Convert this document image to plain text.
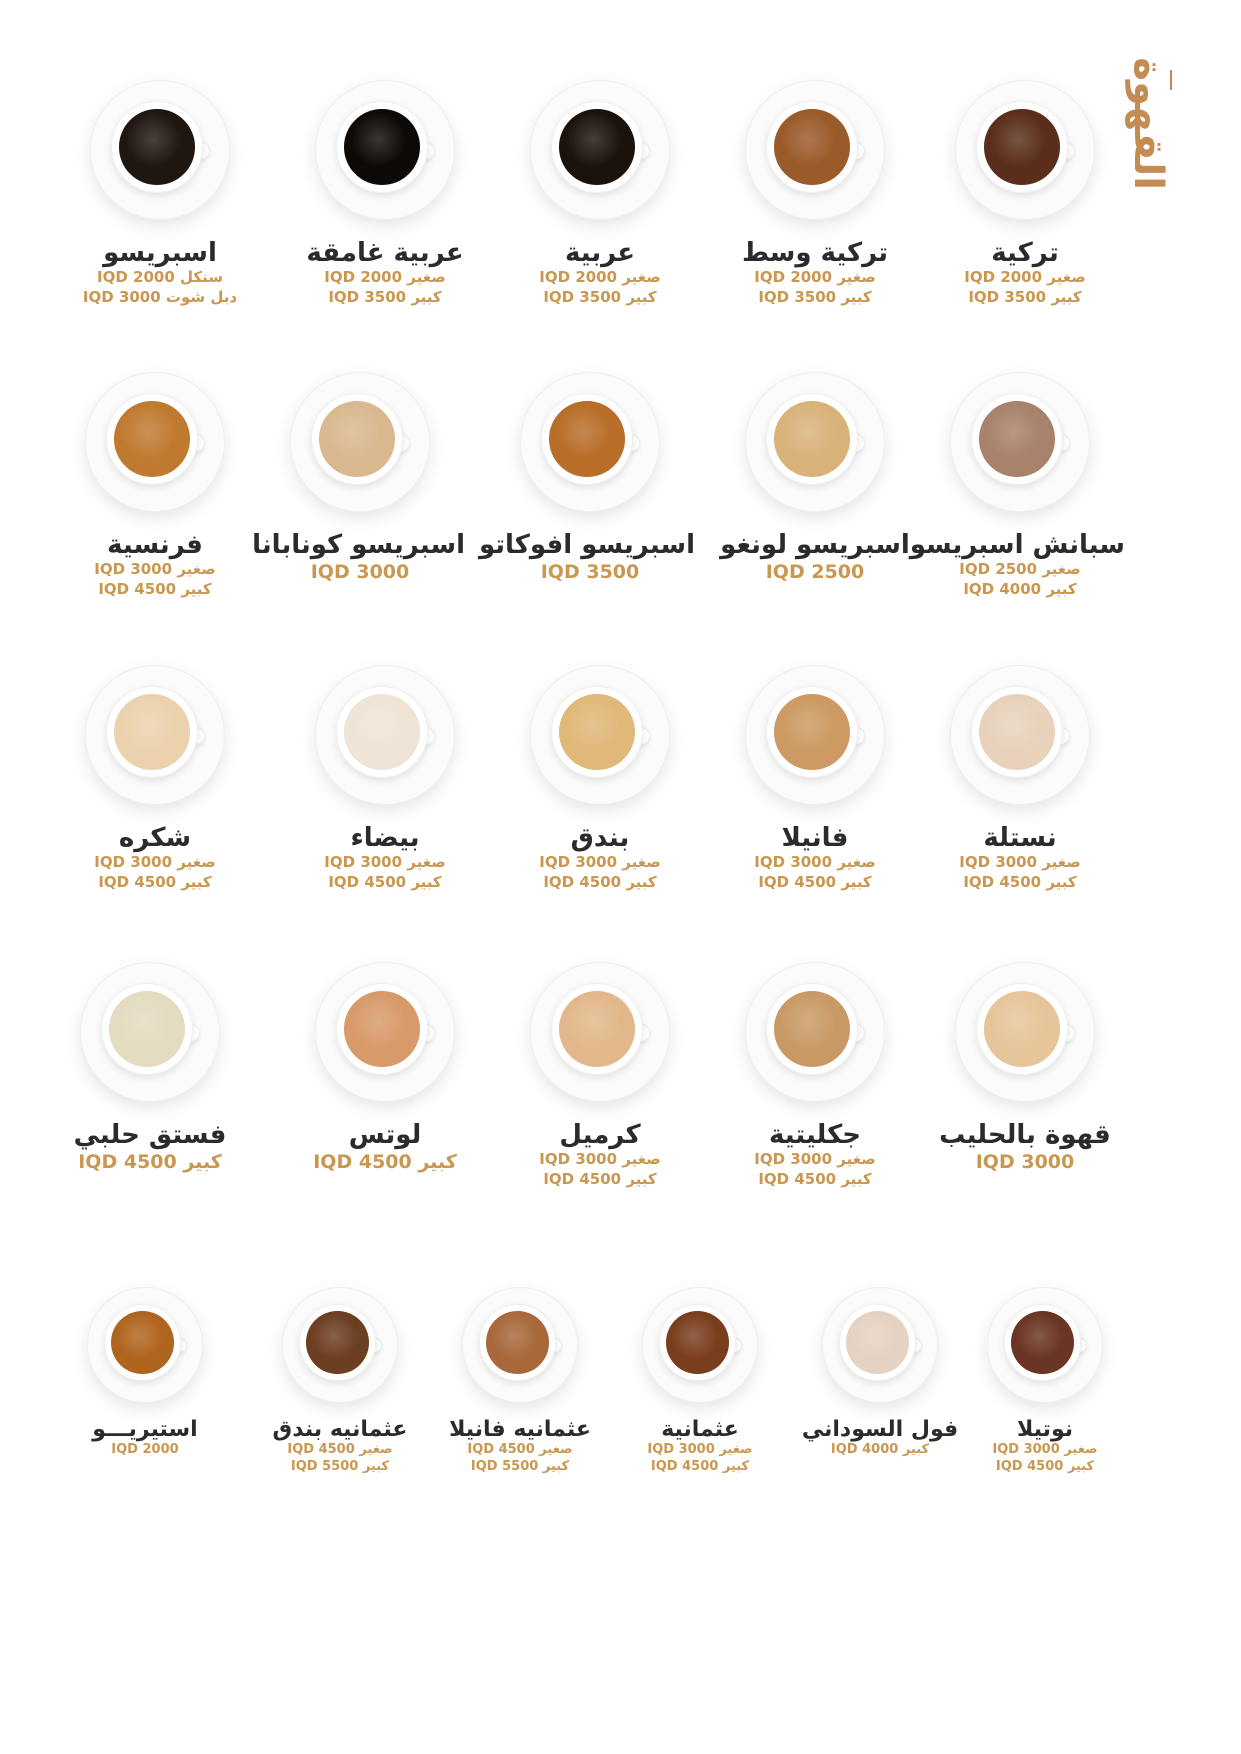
القهوة
تركية
صغير 2000 IQD
كبير 3500 IQD
تركية وسط
صغير 2000 IQD
كبير 3500 IQD
عربية
صغير 2000 IQD
كبير 3500 IQD
عربية غامقة
صغير 2000 IQD
كبير 3500 IQD
اسبريسو
سنكل 2000 IQD
دبل شوت 3000 IQD
سبانش اسبريسو
صغير 2500 IQD
كبير 4000 IQD
اسبريسو لونغو
2500 IQD
اسبريسو افوكاتو
3500 IQD
اسبريسو كونابانا
3000 IQD
فرنسية
صغير 3000 IQD
كبير 4500 IQD
نستلة
صغير 3000 IQD
كبير 4500 IQD
فانيلا
صغير 3000 IQD
كبير 4500 IQD
بندق
صغير 3000 IQD
كبير 4500 IQD
بيضاء
صغير 3000 IQD
كبير 4500 IQD
شكره
صغير 3000 IQD
كبير 4500 IQD
قهوة بالحليب
3000 IQD
جكليتية
صغير 3000 IQD
كبير 4500 IQD
كرميل
صغير 3000 IQD
كبير 4500 IQD
لوتس
كبير 4500 IQD
فستق حلبي
كبير 4500 IQD
نوتيلا
صغير 3000 IQD
كبير 4500 IQD
فول السوداني
كبير 4000 IQD
عثمانية
صغير 3000 IQD
كبير 4500 IQD
عثمانيه فانيلا
صغير 4500 IQD
كبير 5500 IQD
عثمانيه بندق
صغير 4500 IQD
كبير 5500 IQD
استيريـــو
2000 IQD
